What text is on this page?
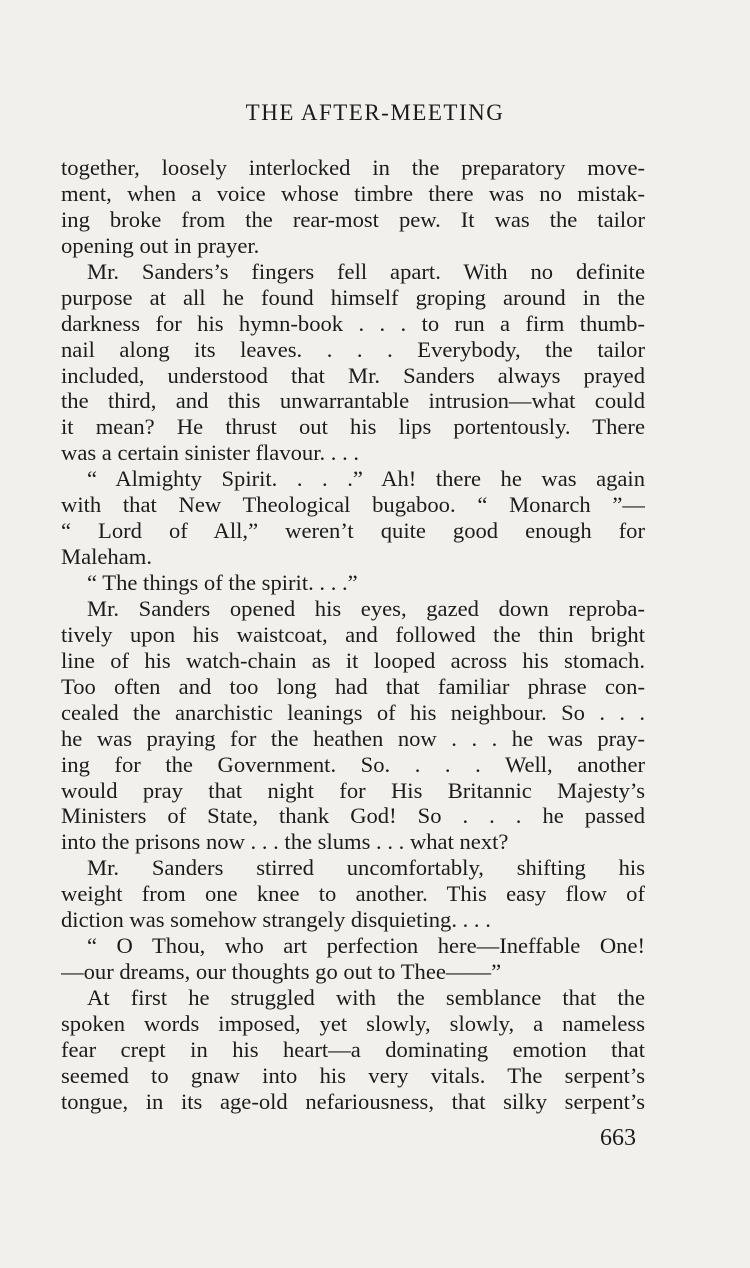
THE AFTER-MEETING
together, loosely interlocked in the preparatory move-
ment, when a voice whose timbre there was no mistak-
ing broke from the rear-most pew. It was the tailor
opening out in prayer.
Mr. Sanders’s fingers fell apart. With no definite
purpose at all he found himself groping around in the
darkness for his hymn-book . . . to run a firm thumb-
nail along its leaves. . . . Everybody, the tailor
included, understood that Mr. Sanders always prayed
the third, and this unwarrantable intrusion—what could
it mean? He thrust out his lips portentously. There
was a certain sinister flavour. . . .
“ Almighty Spirit. . . .” Ah! there he was again
with that New Theological bugaboo. “ Monarch ”—
“ Lord of All,” weren’t quite good enough for
Maleham.
“ The things of the spirit. . . .”
Mr. Sanders opened his eyes, gazed down reproba-
tively upon his waistcoat, and followed the thin bright
line of his watch-chain as it looped across his stomach.
Too often and too long had that familiar phrase con-
cealed the anarchistic leanings of his neighbour. So . . .
he was praying for the heathen now . . . he was pray-
ing for the Government. So. . . . Well, another
would pray that night for His Britannic Majesty’s
Ministers of State, thank God! So . . . he passed
into the prisons now . . . the slums . . . what next?
Mr. Sanders stirred uncomfortably, shifting his
weight from one knee to another. This easy flow of
diction was somehow strangely disquieting. . . .
“ O Thou, who art perfection here—Ineffable One!
—our dreams, our thoughts go out to Thee——”
At first he struggled with the semblance that the
spoken words imposed, yet slowly, slowly, a nameless
fear crept in his heart—a dominating emotion that
seemed to gnaw into his very vitals. The serpent’s
tongue, in its age-old nefariousness, that silky serpent’s
663
